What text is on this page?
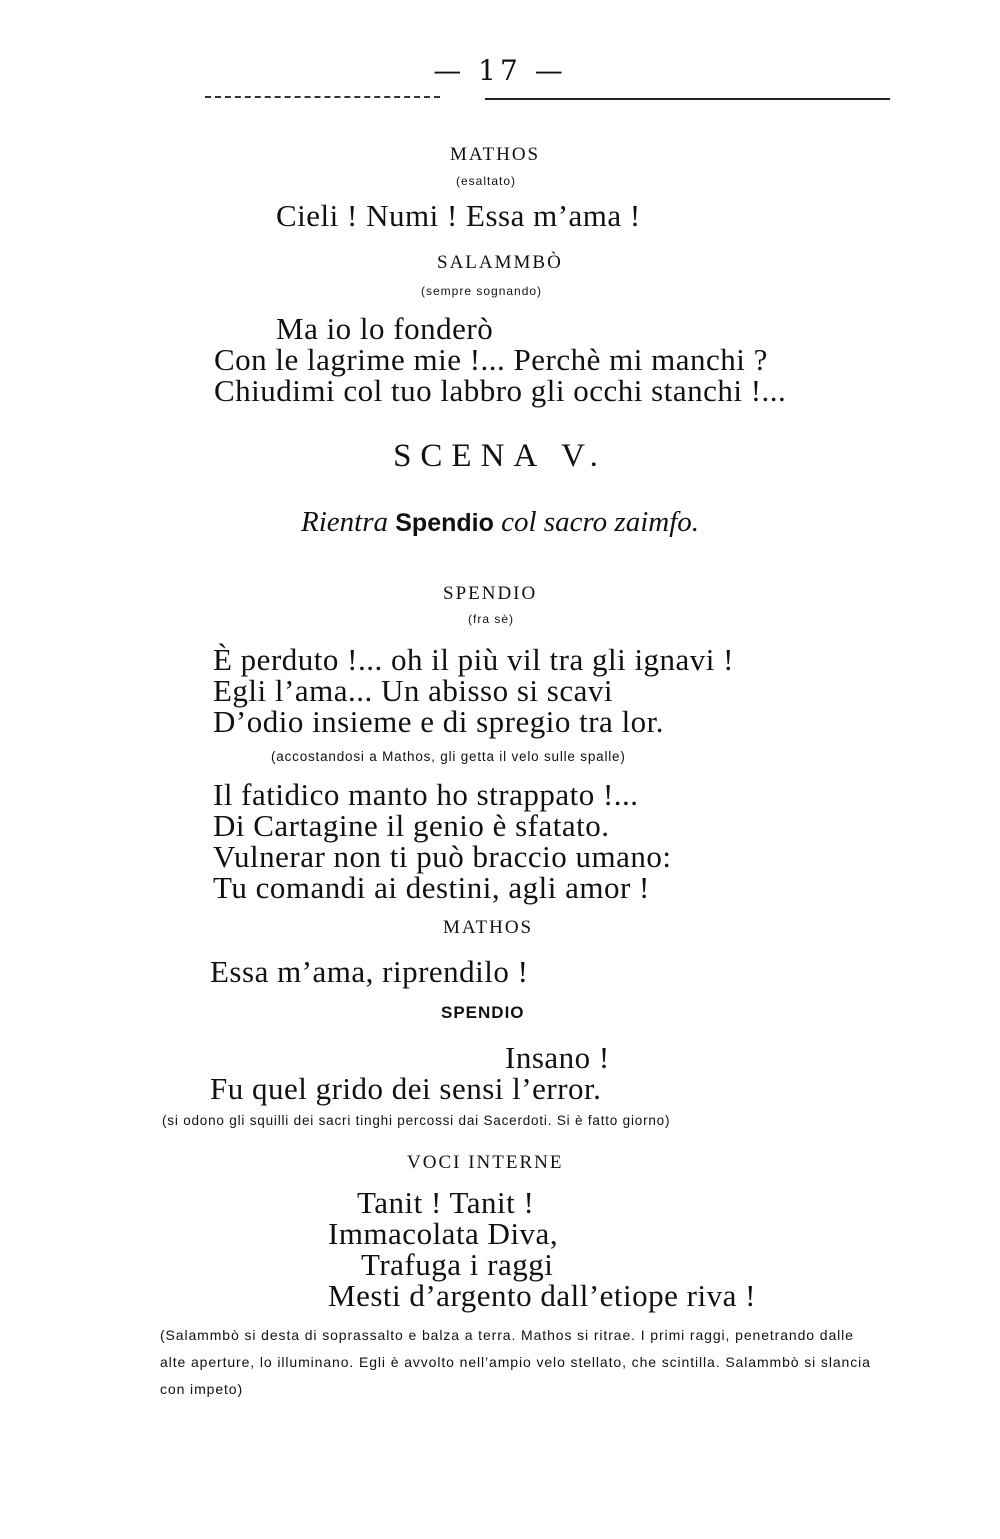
— 17 —
MATHOS
(esaltato)
Cieli ! Numi ! Essa m’ama !
SALAMMBÒ
(sempre sognando)
Ma io lo fonderò
Con le lagrime mie !... Perchè mi manchi ?
Chiudimi col tuo labbro gli occhi stanchi !...
SCENA V.
Rientra Spendio col sacro zaimfo.
SPENDIO
(fra sè)
È perduto !... oh il più vil tra gli ignavi !
Egli l’ama... Un abisso si scavi
D’odio insieme e di spregio tra lor.
(accostandosi a Mathos, gli getta il velo sulle spalle)
Il fatidico manto ho strappato !...
Di Cartagine il genio è sfatato.
Vulnerar non ti può braccio umano:
Tu comandi ai destini, agli amor !
MATHOS
Essa m’ama, riprendilo !
SPENDIO
Insano !
Fu quel grido dei sensi l’error.
(si odono gli squilli dei sacri tinghi percossi dai Sacerdoti. Si è fatto giorno)
VOCI INTERNE
Tanit ! Tanit !
Immacolata Diva,
Trafuga i raggi
Mesti d’argento dall’etiope riva !
(Salammbò si desta di soprassalto e balza a terra. Mathos si ritrae. I primi raggi, penetrando dalle alte aperture, lo illuminano. Egli è avvolto nell’ampio velo stellato, che scintilla. Salammbò si slancia con impeto)
